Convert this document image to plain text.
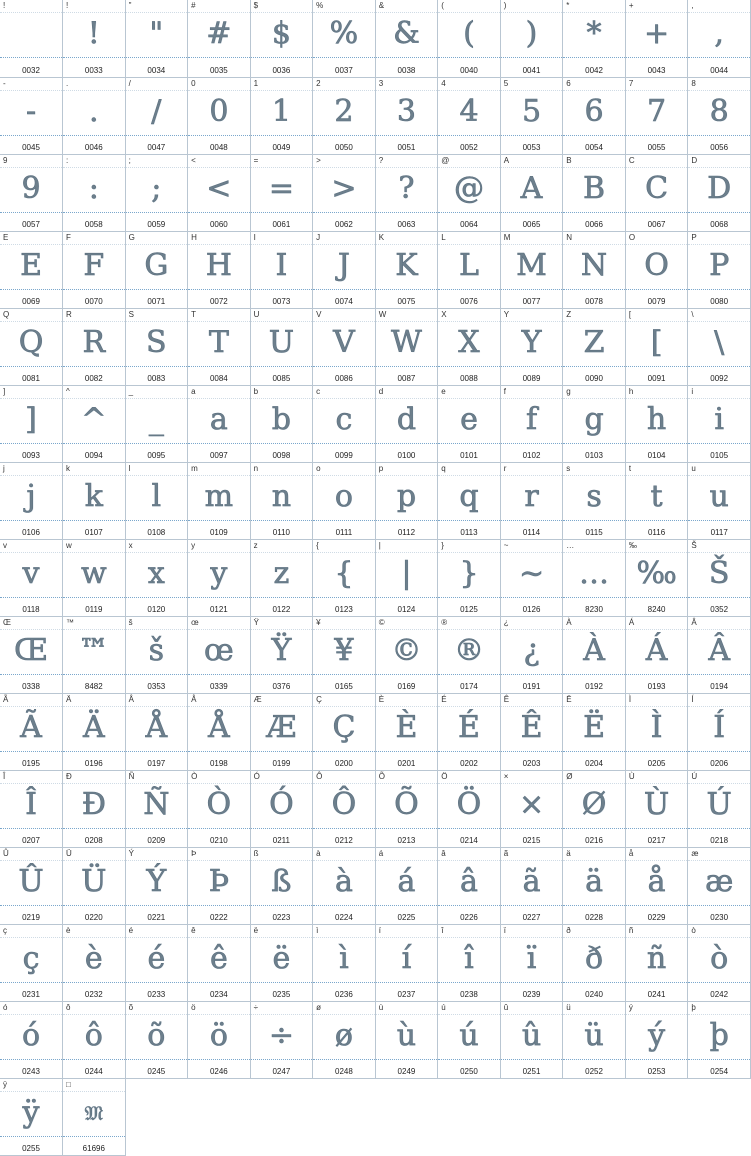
!
0032

!
!
0033

"
"
0034

#
#
0035

$
$
0036

%
%
0037

&
&
0038

(
(
0040

)
)
0041

*
*
0042

+
+
0043

,
,
0044

-
-
0045

.
.
0046

/
/
0047

0
0
0048

1
1
0049

2
2
0050

3
3
0051

4
4
0052

5
5
0053

6
6
0054

7
7
0055

8
8
0056

9
9
0057

:
:
0058

;
;
0059

<
<
0060

=
=
0061

>
>
0062

?
?
0063

@
@
0064

A
A
0065

B
B
0066

C
C
0067

D
D
0068

E
E
0069

F
F
0070

G
G
0071

H
H
0072

I
I
0073

J
J
0074

K
K
0075

L
L
0076

M
M
0077

N
N
0078

O
O
0079

P
P
0080

Q
Q
0081

R
R
0082

S
S
0083

T
T
0084

U
U
0085

V
V
0086

W
W
0087

X
X
0088

Y
Y
0089

Z
Z
0090

[
[
0091

\
\
0092

]
]
0093

^
^
0094

_
_
0095

a
a
0097

b
b
0098

c
c
0099

d
d
0100

e
e
0101

f
f
0102

g
g
0103

h
h
0104

i
i
0105

j
j
0106

k
k
0107

l
l
0108

m
m
0109

n
n
0110

o
o
0111

p
p
0112

q
q
0113

r
r
0114

s
s
0115

t
t
0116

u
u
0117

v
v
0118

w
w
0119

x
x
0120

y
y
0121

z
z
0122

{
{
0123

|
|
0124

}
}
0125

~
~
0126

…
…
8230

‰
‰
8240

Š
Š
0352

Œ
Œ
0338

™
™
8482

š
š
0353

œ
œ
0339

Ÿ
Ÿ
0376

¥
¥
0165

©
©
0169

®
®
0174

¿
¿
0191

À
À
0192

Á
Á
0193

Â
Â
0194

Ã
Ã
0195

Ä
Ä
0196

Å
Å
0197

Å
Å
0198

Æ
Æ
0199

Ç
Ç
0200

È
È
0201

É
É
0202

Ê
Ê
0203

Ë
Ë
0204

Ì
Ì
0205

Í
Í
0206

Î
Î
0207

Ð
Ð
0208

Ñ
Ñ
0209

Ò
Ò
0210

Ó
Ó
0211

Ô
Ô
0212

Õ
Õ
0213

Ö
Ö
0214

×
×
0215

Ø
Ø
0216

Ù
Ù
0217

Ú
Ú
0218

Û
Û
0219

Ü
Ü
0220

Ý
Ý
0221

Þ
Þ
0222

ß
ß
0223

à
à
0224

á
á
0225

â
â
0226

ã
ã
0227

ä
ä
0228

å
å
0229

æ
æ
0230

ç
ç
0231

è
è
0232

é
é
0233

ê
ê
0234

ë
ë
0235

ì
ì
0236

í
í
0237

î
î
0238

ï
ï
0239

ð
ð
0240

ñ
ñ
0241

ò
ò
0242

ó
ó
0243

ô
ô
0244

õ
õ
0245

ö
ö
0246

÷
÷
0247

ø
ø
0248

ù
ù
0249

ú
ú
0250

û
û
0251

ü
ü
0252

ý
ý
0253

þ
þ
0254

ÿ
ÿ
0255

□
𝔐
61696
